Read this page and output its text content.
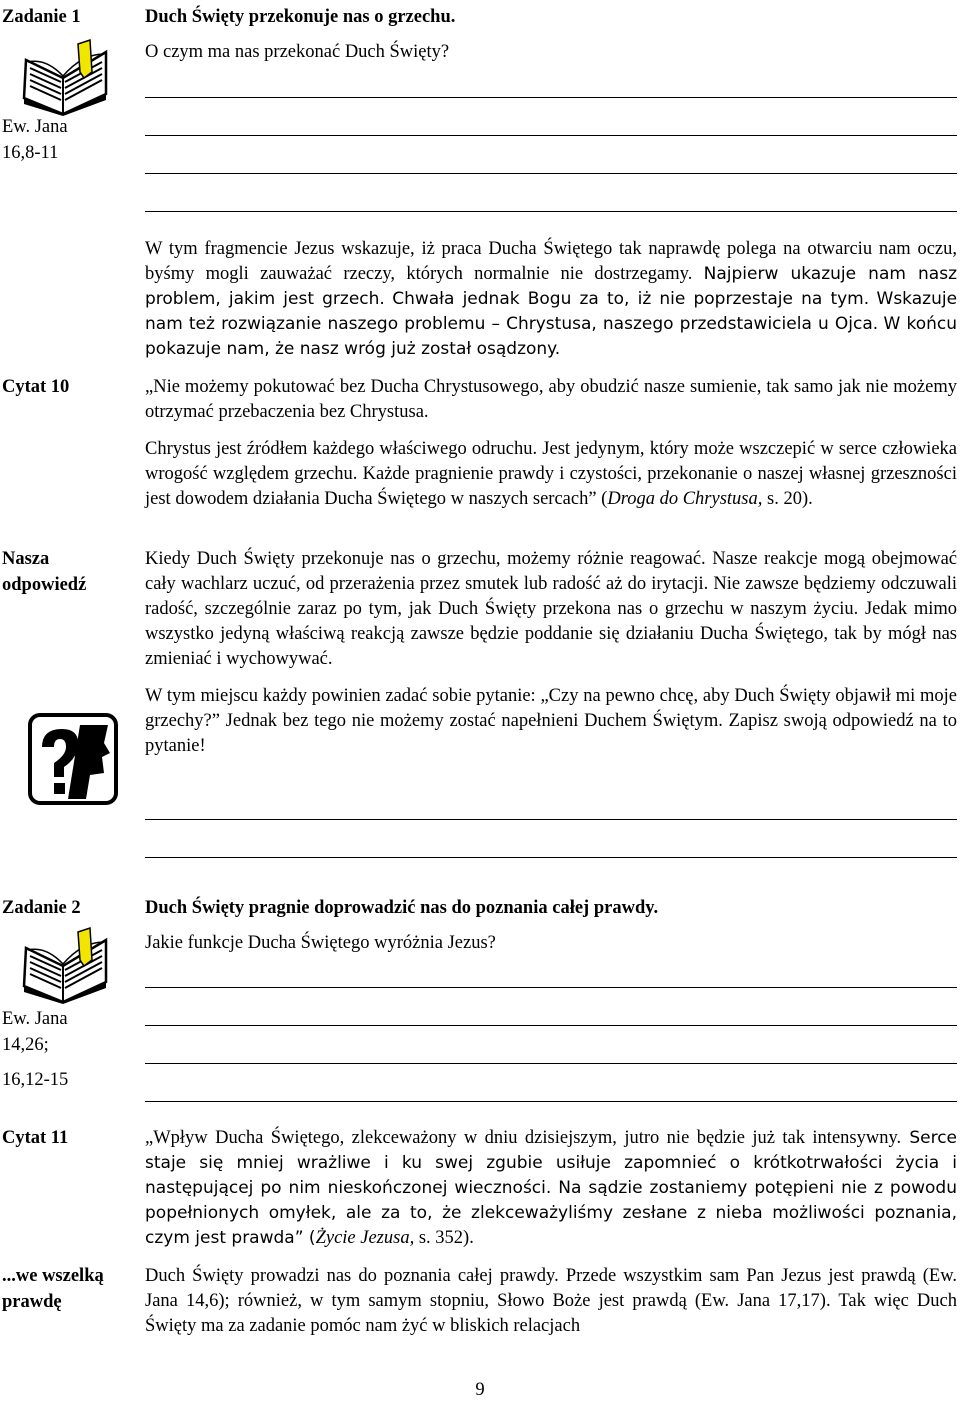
Zadanie 1
Ew. Jana
16,8-11
Duch Święty przekonuje nas o grzechu.
O czym ma nas przekonać Duch Święty?
W tym fragmencie Jezus wskazuje, iż praca Ducha Świętego tak naprawdę polega na otwarciu nam oczu, byśmy mogli zauważać rzeczy, których normalnie nie dostrzegamy. Najpierw ukazuje nam nasz problem, jakim jest grzech. Chwała jednak Bogu za to, iż nie poprzestaje na tym. Wskazuje nam też rozwiązanie naszego problemu – Chrystusa, naszego przedstawiciela u Ojca. W końcu pokazuje nam, że nasz wróg już został osądzony.
Cytat 10	„Nie możemy pokutować bez Ducha Chrystusowego, aby obudzić nasze sumienie, tak samo jak nie możemy otrzymać przebaczenia bez Chrystusa.

Chrystus jest źródłem każdego właściwego odruchu. Jest jedynym, który może wszczepić w serce człowieka wrogość względem grzechu. Każde pragnienie prawdy i czystości, przekonanie o naszej własnej grzeszności jest dowodem działania Ducha Świętego w naszych sercach” (Droga do Chrystusa, s. 20).

Nasza
odpowiedź

Kiedy Duch Święty przekonuje nas o grzechu, możemy różnie reagować. Nasze reakcje mogą obejmować cały wachlarz uczuć, od przerażenia przez smutek lub radość aż do irytacji. Nie zawsze będziemy odczuwali radość, szczególnie zaraz po tym, jak Duch Święty przekona nas o grzechu w naszym życiu. Jedak mimo wszystko jedyną właściwą reakcją zawsze będzie poddanie się działaniu Ducha Świętego, tak by mógł nas zmieniać i wychowywać.

W tym miejscu każdy powinien zadać sobie pytanie: „Czy na pewno chcę, aby Duch Święty objawił mi moje grzechy?” Jednak bez tego nie możemy zostać napełnieni Duchem Świętym. Zapisz swoją odpowiedź na to pytanie!

Zadanie 2
Ew. Jana
14,26;
16,12-15
Duch Święty pragnie doprowadzić nas do poznania całej prawdy.
Jakie funkcje Ducha Świętego wyróżnia Jezus?
Cytat 11	„Wpływ Ducha Świętego, zlekceważony w dniu dzisiejszym, jutro nie będzie już tak intensywny. Serce staje się mniej wrażliwe i ku swej zgubie usiłuje zapomnieć o krótkotrwałości życia i następującej po nim nieskończonej wieczności. Na sądzie zostaniemy potępieni nie z powodu popełnionych omyłek, ale za to, że zlekceważyliśmy zesłane z nieba możliwości poznania, czym jest prawda” (Życie Jezusa, s. 352).

...we wszelką
prawdę
Duch Święty prowadzi nas do poznania całej prawdy. Przede wszystkim sam Pan Jezus jest prawdą (Ew. Jana 14,6); również, w tym samym stopniu, Słowo Boże jest prawdą (Ew. Jana 17,17). Tak więc Duch Święty ma za zadanie pomóc nam żyć w bliskich relacjach
9
